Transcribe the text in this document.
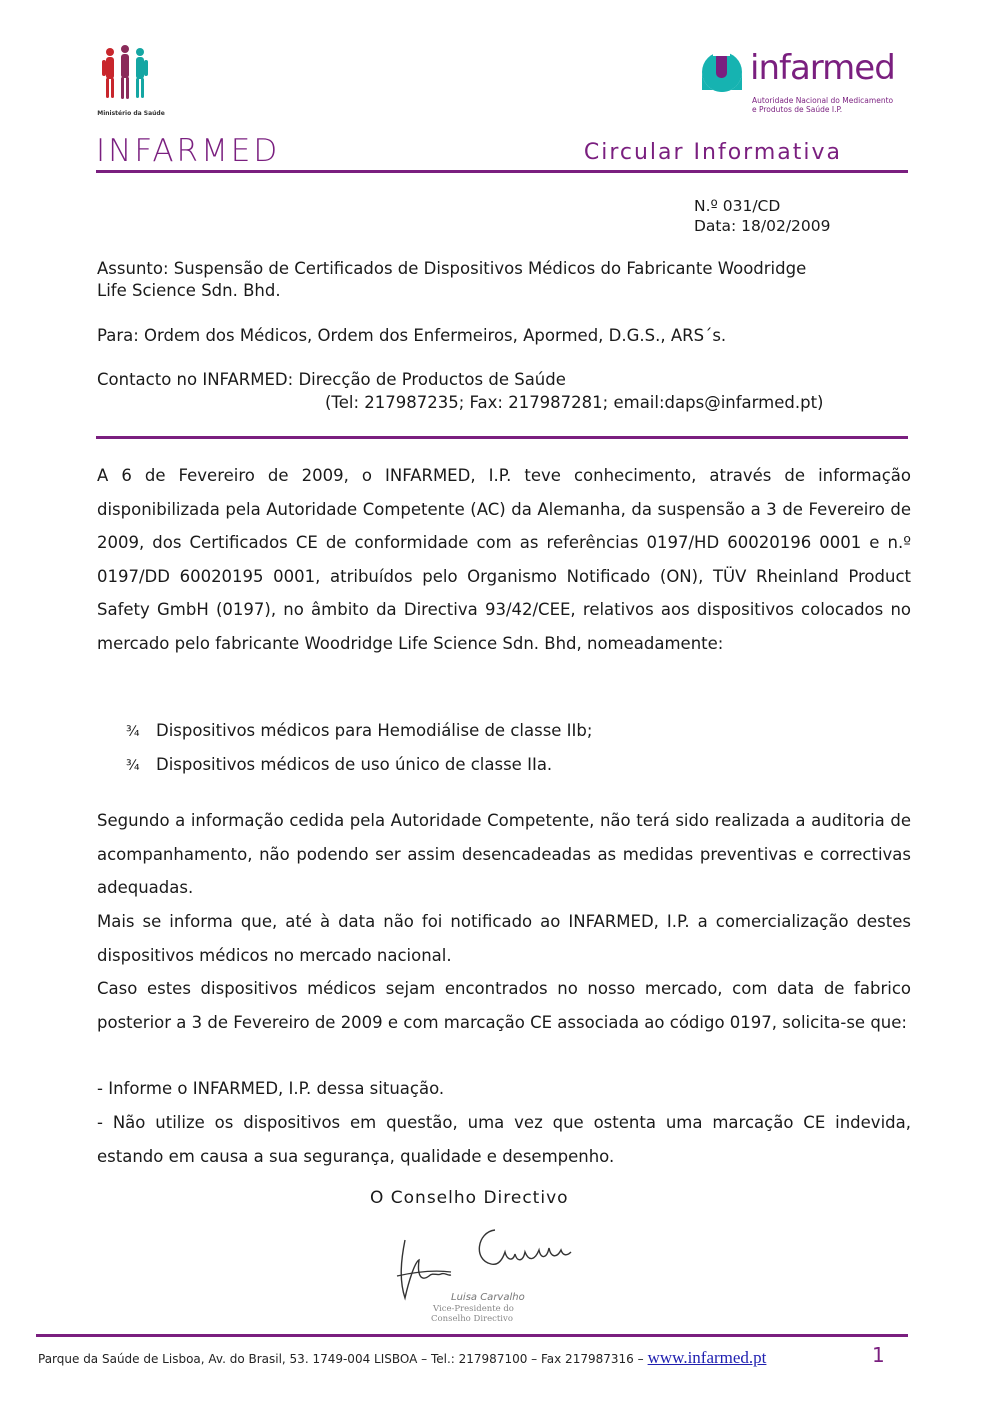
Ministério da Saúde
infarmed
Autoridade Nacional do Medicamento
e Produtos de Saúde I.P.
INFARMED	Circular Informativa
N.º 031/CD
Data: 18/02/2009
Assunto: Suspensão de Certificados de Dispositivos Médicos do Fabricante Woodridge
Life Science Sdn. Bhd.
Para: Ordem dos Médicos, Ordem dos Enfermeiros, Apormed, D.G.S., ARS´s.
Contacto no INFARMED: Direcção de Productos de Saúde
(Tel: 217987235; Fax: 217987281; email:daps@infarmed.pt)
A 6 de Fevereiro de 2009, o INFARMED, I.P. teve conhecimento, através de informação disponibilizada pela Autoridade Competente (AC) da Alemanha, da suspensão a 3 de Fevereiro de 2009, dos Certificados CE de conformidade com as referências 0197/HD 60020196 0001 e n.º 0197/DD 60020195 0001, atribuídos pelo Organismo Notificado (ON), TÜV Rheinland Product Safety GmbH (0197), no âmbito da Directiva 93/42/CEE, relativos aos dispositivos colocados no mercado pelo fabricante Woodridge Life Science Sdn. Bhd, nomeadamente:
¾ Dispositivos médicos para Hemodiálise de classe IIb;
¾ Dispositivos médicos de uso único de classe IIa.
Segundo a informação cedida pela Autoridade Competente, não terá sido realizada a auditoria de acompanhamento, não podendo ser assim desencadeadas as medidas preventivas e correctivas adequadas.
Mais se informa que, até à data não foi notificado ao INFARMED, I.P. a comercialização destes dispositivos médicos no mercado nacional.
Caso estes dispositivos médicos sejam encontrados no nosso mercado, com data de fabrico posterior a 3 de Fevereiro de 2009 e com marcação CE associada ao código 0197, solicita-se que:
- Informe o INFARMED, I.P. dessa situação.
- Não utilize os dispositivos em questão, uma vez que ostenta uma marcação CE indevida, estando em causa a sua segurança, qualidade e desempenho.
O Conselho Directivo
Luisa Carvalho
Vice-Presidente do
Conselho Directivo
Parque da Saúde de Lisboa, Av. do Brasil, 53. 1749-004 LISBOA – Tel.: 217987100 – Fax 217987316 – www.infarmed.pt	1
